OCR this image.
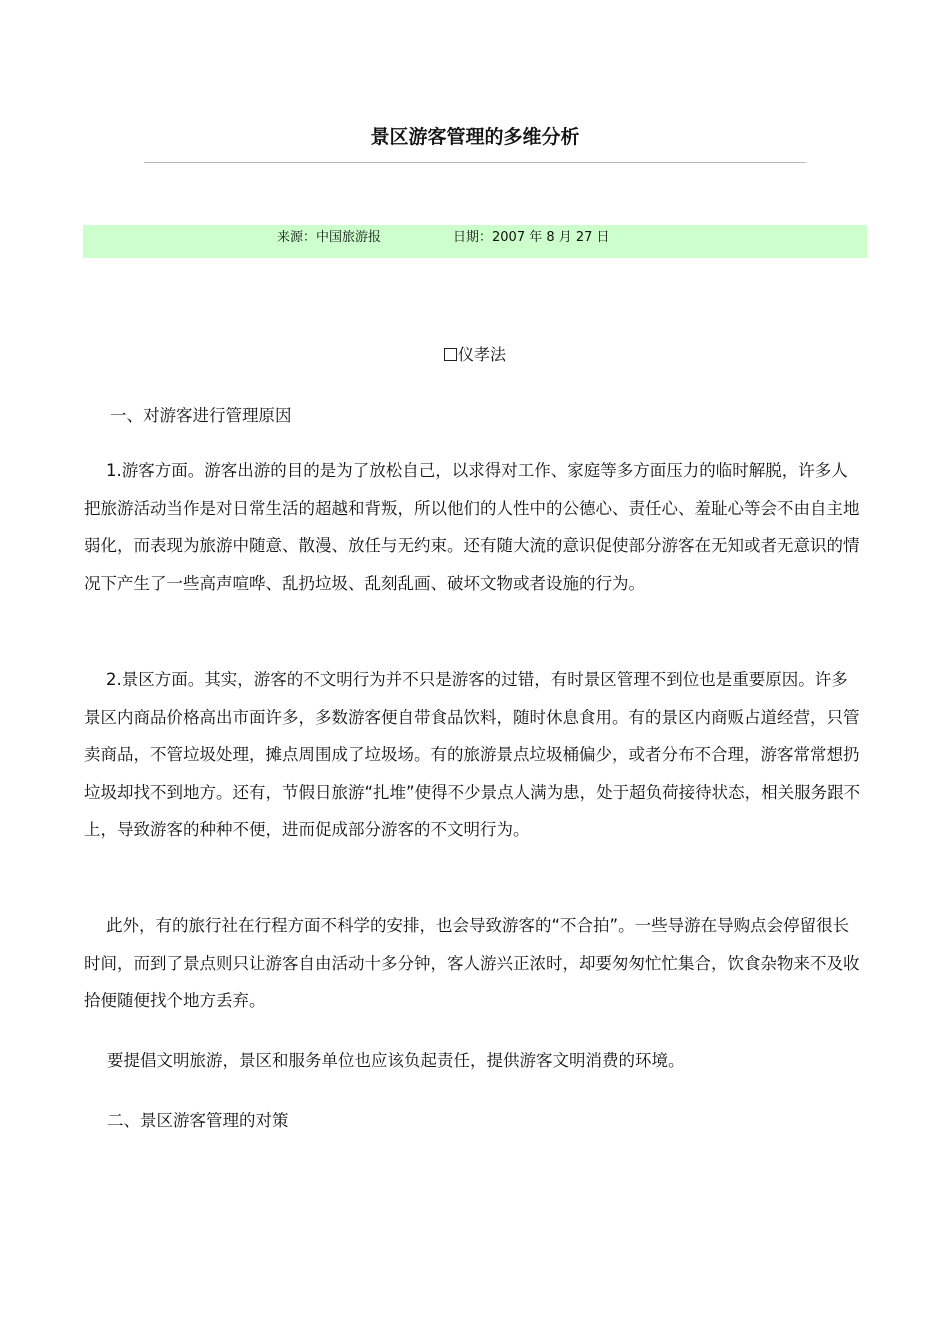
景区游客管理的多维分析
来源：中国旅游报	日期：2007 年 8 月 27 日
仪孝法

一、对游客进行管理原因

1.游客方面。游客出游的目的是为了放松自己，以求得对工作、家庭等多方面压力的临时解脱，许多人把旅游活动当作是对日常生活的超越和背叛，所以他们的人性中的公德心、责任心、羞耻心等会不由自主地弱化，而表现为旅游中随意、散漫、放任与无约束。还有随大流的意识促使部分游客在无知或者无意识的情况下产生了一些高声喧哗、乱扔垃圾、乱刻乱画、破坏文物或者设施的行为。

2.景区方面。其实，游客的不文明行为并不只是游客的过错，有时景区管理不到位也是重要原因。许多景区内商品价格高出市面许多，多数游客便自带食品饮料，随时休息食用。有的景区内商贩占道经营，只管卖商品，不管垃圾处理，摊点周围成了垃圾场。有的旅游景点垃圾桶偏少，或者分布不合理，游客常常想扔垃圾却找不到地方。还有，节假日旅游“扎堆”使得不少景点人满为患，处于超负荷接待状态，相关服务跟不上，导致游客的种种不便，进而促成部分游客的不文明行为。

此外，有的旅行社在行程方面不科学的安排，也会导致游客的“不合拍”。一些导游在导购点会停留很长时间，而到了景点则只让游客自由活动十多分钟，客人游兴正浓时，却要匆匆忙忙集合，饮食杂物来不及收拾便随便找个地方丢弃。

要提倡文明旅游，景区和服务单位也应该负起责任，提供游客文明消费的环境。

二、景区游客管理的对策
